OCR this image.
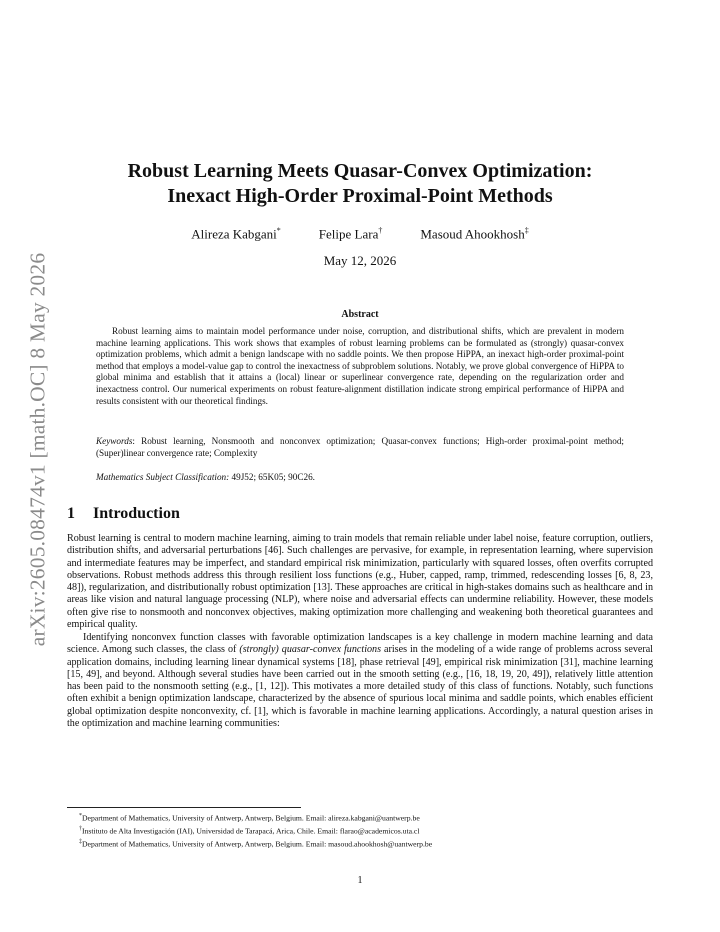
arXiv:2605.08474v1 [math.OC] 8 May 2026
Robust Learning Meets Quasar-Convex Optimization:
Inexact High-Order Proximal-Point Methods
Alireza Kabgani*	Felipe Lara†	Masoud Ahookhosh‡
May 12, 2026
Abstract

Robust learning aims to maintain model performance under noise, corruption, and distributional shifts, which are prevalent in modern machine learning applications. This work shows that examples of robust learning problems can be formulated as (strongly) quasar-convex optimization problems, which admit a benign landscape with no saddle points. We then propose HiPPA, an inexact high-order proximal-point method that employs a model-value gap to control the inexactness of subproblem solutions. Notably, we prove global convergence of HiPPA to global minima and establish that it attains a (local) linear or superlinear convergence rate, depending on the regularization order and inexactness control. Our numerical experiments on robust feature-alignment distillation indicate strong empirical performance of HiPPA and results consistent with our theoretical findings.

Keywords: Robust learning, Nonsmooth and nonconvex optimization; Quasar-convex functions; High-order proximal-point method; (Super)linear convergence rate; Complexity

Mathematics Subject Classification: 49J52; 65K05; 90C26.

1 Introduction

Robust learning is central to modern machine learning, aiming to train models that remain reliable under label noise, feature corruption, outliers, distribution shifts, and adversarial perturbations [46]. Such challenges are pervasive, for example, in representation learning, where supervision and intermediate features may be imperfect, and standard empirical risk minimization, particularly with squared losses, often overfits corrupted observations. Robust methods address this through resilient loss functions (e.g., Huber, capped, ramp, trimmed, redescending losses [6, 8, 23, 48]), regularization, and distributionally robust optimization [13]. These approaches are critical in high-stakes domains such as healthcare and in areas like vision and natural language processing (NLP), where noise and adversarial effects can undermine reliability. However, these models often give rise to nonsmooth and nonconvex objectives, making optimization more challenging and weakening both theoretical guarantees and empirical quality.

Identifying nonconvex function classes with favorable optimization landscapes is a key challenge in modern machine learning and data science. Among such classes, the class of (strongly) quasar-convex functions arises in the modeling of a wide range of problems across several application domains, including learning linear dynamical systems [18], phase retrieval [49], empirical risk minimization [31], machine learning [15, 49], and beyond. Although several studies have been carried out in the smooth setting (e.g., [16, 18, 19, 20, 49]), relatively little attention has been paid to the nonsmooth setting (e.g., [1, 12]). This motivates a more detailed study of this class of functions. Notably, such functions often exhibit a benign optimization landscape, characterized by the absence of spurious local minima and saddle points, which enables efficient global optimization despite nonconvexity, cf. [1], which is favorable in machine learning applications. Accordingly, a natural question arises in the optimization and machine learning communities:

*Department of Mathematics, University of Antwerp, Antwerp, Belgium. Email: alireza.kabgani@uantwerp.be
†Instituto de Alta Investigación (IAI), Universidad de Tarapacá, Arica, Chile. Email: flarao@academicos.uta.cl
‡Department of Mathematics, University of Antwerp, Antwerp, Belgium. Email: masoud.ahookhosh@uantwerp.be
1
